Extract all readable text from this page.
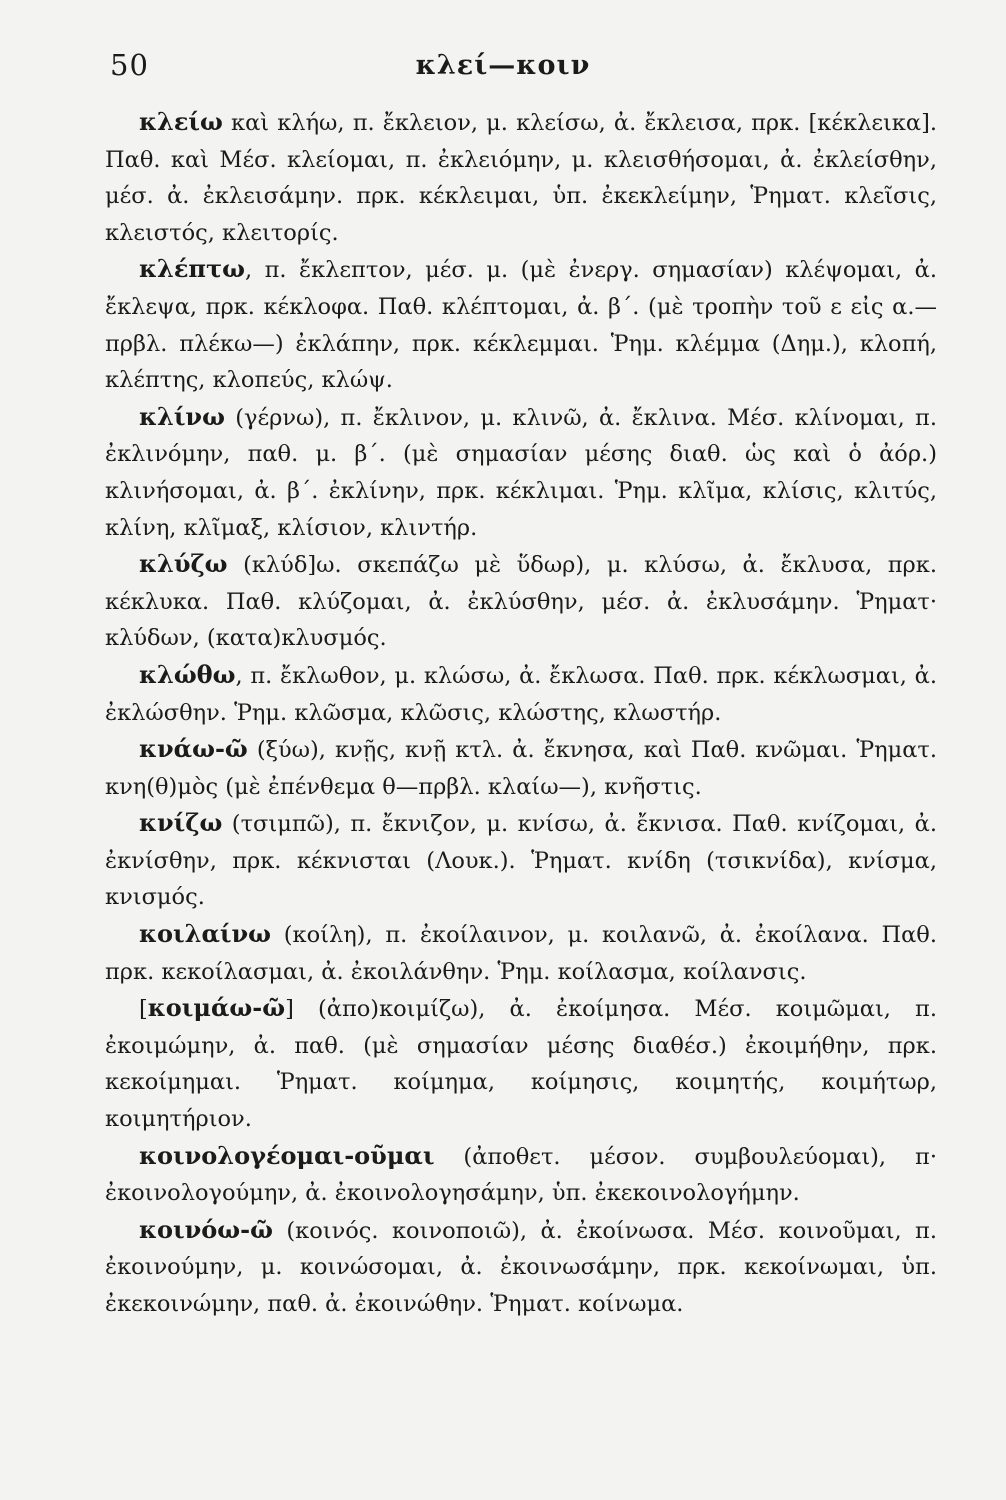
50	κλεί—κοιν

κλείω καὶ κλήω, π. ἔκλειον, μ. κλείσω, ἀ. ἔκλεισα, πρκ. [κέκλεικα]. Παθ. καὶ Μέσ. κλείομαι, π. ἐκλειόμην, μ. κλεισθήσομαι, ἀ. ἐκλείσθην, μέσ. ἀ. ἐκλεισάμην. πρκ. κέκλειμαι, ὑπ. ἐκεκλείμην, Ῥηματ. κλεῖσις, κλειστός, κλειτορίς.

κλέπτω, π. ἔκλεπτον, μέσ. μ. (μὲ ἐνεργ. σημασίαν) κλέψομαι, ἀ. ἔκλεψα, πρκ. κέκλοφα. Παθ. κλέπτομαι, ἀ. β΄. (μὲ τροπὴν τοῦ ε εἰς α.—πρβλ. πλέκω—) ἐκλάπην, πρκ. κέκλεμμαι. Ῥημ. κλέμμα (Δημ.), κλοπή, κλέπτης, κλοπεύς, κλώψ.

κλίνω (γέρνω), π. ἔκλινον, μ. κλινῶ, ἀ. ἔκλινα. Μέσ. κλίνομαι, π. ἐκλινόμην, παθ. μ. β΄. (μὲ σημασίαν μέσης διαθ. ὡς καὶ ὁ ἀόρ.) κλινήσομαι, ἀ. β΄. ἐκλίνην, πρκ. κέκλιμαι. Ῥημ. κλῖμα, κλίσις, κλιτύς, κλίνη, κλῖμαξ, κλίσιον, κλιντήρ.

κλύζω (κλύδ]ω. σκεπάζω μὲ ὕδωρ), μ. κλύσω, ἀ. ἔκλυσα, πρκ. κέκλυκα. Παθ. κλύζομαι, ἀ. ἐκλύσθην, μέσ. ἀ. ἐκλυσάμην. Ῥηματ· κλύδων, (κατα)κλυσμός.

κλώθω, π. ἔκλωθον, μ. κλώσω, ἀ. ἔκλωσα. Παθ. πρκ. κέκλωσμαι, ἀ. ἐκλώσθην. Ῥημ. κλῶσμα, κλῶσις, κλώστης, κλωστήρ.

κνάω-ῶ (ξύω), κνῇς, κνῇ κτλ. ἀ. ἔκνησα, καὶ Παθ. κνῶμαι. Ῥηματ. κνη(θ)μὸς (μὲ ἐπένθεμα θ—πρβλ. κλαίω—), κνῆστις.

κνίζω (τσιμπῶ), π. ἔκνιζον, μ. κνίσω, ἀ. ἔκνισα. Παθ. κνίζομαι, ἀ. ἐκνίσθην, πρκ. κέκνισται (Λουκ.). Ῥηματ. κνίδη (τσικνίδα), κνίσμα, κνισμός.

κοιλαίνω (κοίλη), π. ἐκοίλαινον, μ. κοιλανῶ, ἀ. ἐκοίλανα. Παθ. πρκ. κεκοίλασμαι, ἀ. ἐκοιλάνθην. Ῥημ. κοίλασμα, κοίλανσις.

[κοιμάω-ῶ] (ἀπο)κοιμίζω), ἀ. ἐκοίμησα. Μέσ. κοιμῶμαι, π. ἐκοιμώμην, ἀ. παθ. (μὲ σημασίαν μέσης διαθέσ.) ἐκοιμήθην, πρκ. κεκοίμημαι. Ῥηματ. κοίμημα, κοίμησις, κοιμητής, κοιμήτωρ, κοιμητήριον.

κοινολογέομαι-οῦμαι (ἀποθετ. μέσον. συμβουλεύομαι), π· ἐκοινολογούμην, ἀ. ἐκοινολογησάμην, ὑπ. ἐκεκοινολογήμην.

κοινόω-ῶ (κοινός. κοινοποιῶ), ἀ. ἐκοίνωσα. Μέσ. κοινοῦμαι, π. ἐκοινούμην, μ. κοινώσομαι, ἀ. ἐκοινωσάμην, πρκ. κεκοίνωμαι, ὑπ. ἐκεκοινώμην, παθ. ἀ. ἐκοινώθην. Ῥηματ. κοίνωμα.
